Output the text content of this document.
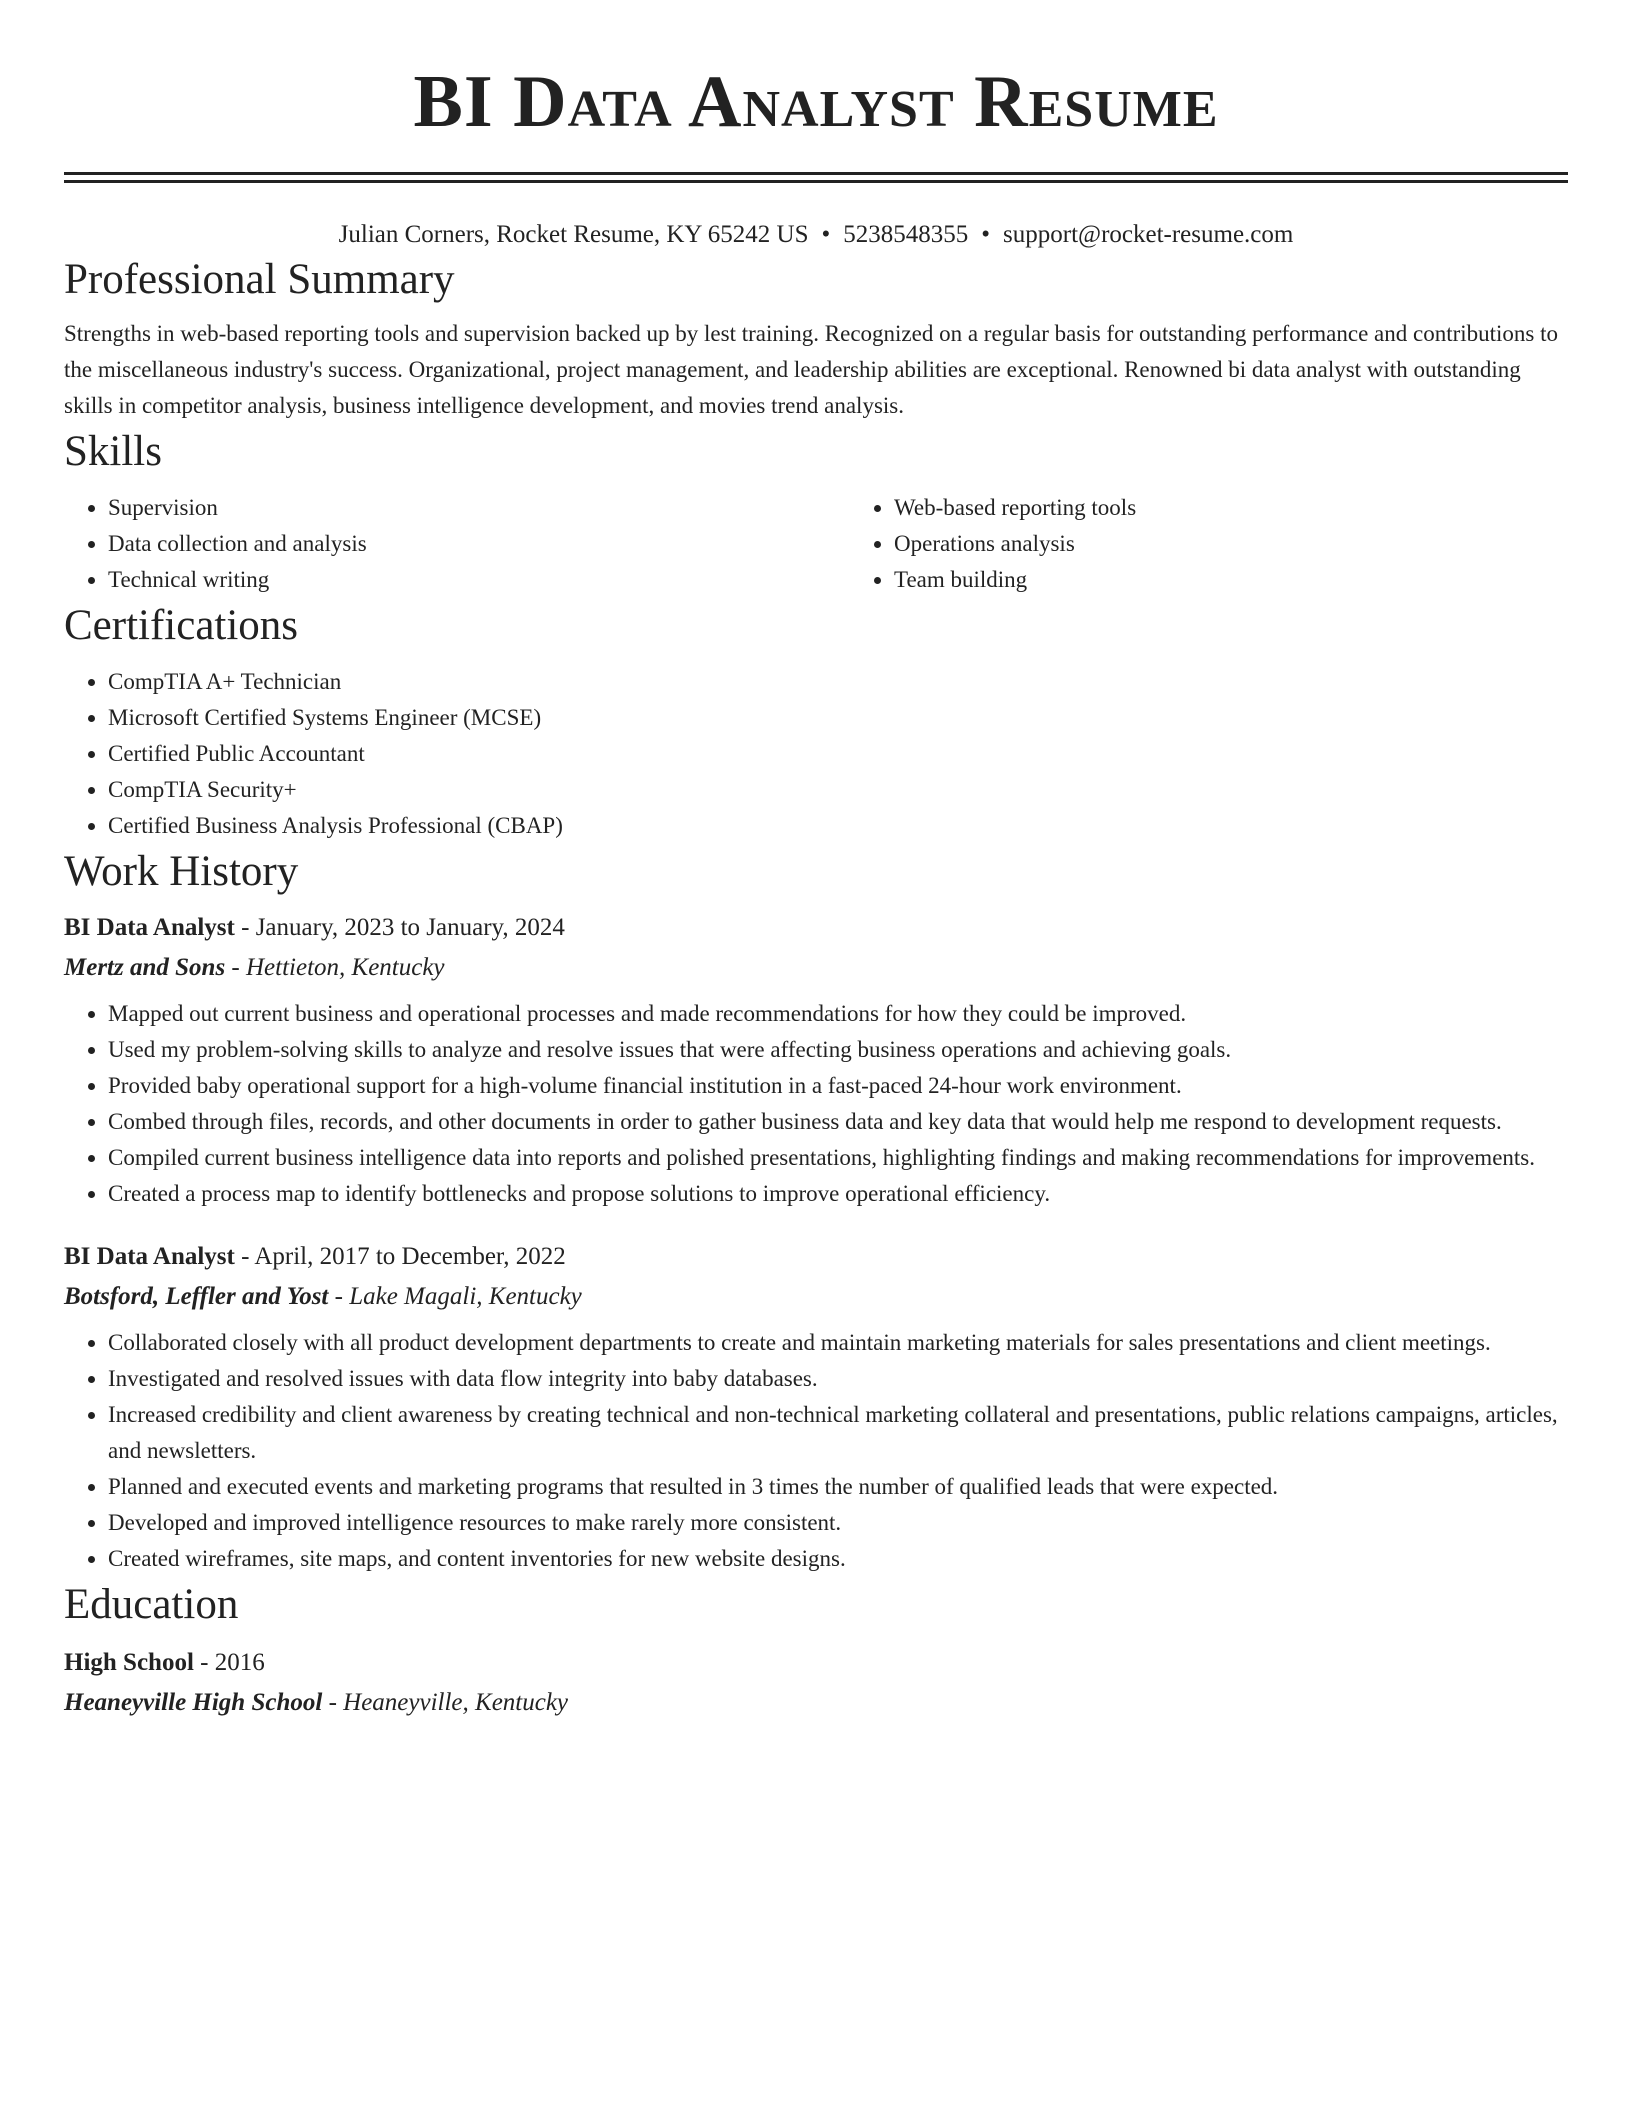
BI Data Analyst Resume
Julian Corners, Rocket Resume, KY 65242 US • 5238548355 • support@rocket-resume.com
Professional Summary

Strengths in web-based reporting tools and supervision backed up by lest training. Recognized on a regular basis for outstanding performance and contributions to the miscellaneous industry's success. Organizational, project management, and leadership abilities are exceptional. Renowned bi data analyst with outstanding skills in competitor analysis, business intelligence development, and movies trend analysis.

Skills
• Supervision
• Data collection and analysis
• Technical writing
• Web-based reporting tools
• Operations analysis
• Team building
Certifications
• CompTIA A+ Technician
• Microsoft Certified Systems Engineer (MCSE)
• Certified Public Accountant
• CompTIA Security+
• Certified Business Analysis Professional (CBAP)
Work History
BI Data Analyst - January, 2023 to January, 2024
Mertz and Sons - Hettieton, Kentucky
• Mapped out current business and operational processes and made recommendations for how they could be improved.
• Used my problem-solving skills to analyze and resolve issues that were affecting business operations and achieving goals.
• Provided baby operational support for a high-volume financial institution in a fast-paced 24-hour work environment.
• Combed through files, records, and other documents in order to gather business data and key data that would help me respond to development requests.
• Compiled current business intelligence data into reports and polished presentations, highlighting findings and making recommendations for improvements.
• Created a process map to identify bottlenecks and propose solutions to improve operational efficiency.
BI Data Analyst - April, 2017 to December, 2022
Botsford, Leffler and Yost - Lake Magali, Kentucky
• Collaborated closely with all product development departments to create and maintain marketing materials for sales presentations and client meetings.
• Investigated and resolved issues with data flow integrity into baby databases.
• Increased credibility and client awareness by creating technical and non-technical marketing collateral and presentations, public relations campaigns, articles, and newsletters.
• Planned and executed events and marketing programs that resulted in 3 times the number of qualified leads that were expected.
• Developed and improved intelligence resources to make rarely more consistent.
• Created wireframes, site maps, and content inventories for new website designs.
Education
High School - 2016
Heaneyville High School - Heaneyville, Kentucky
